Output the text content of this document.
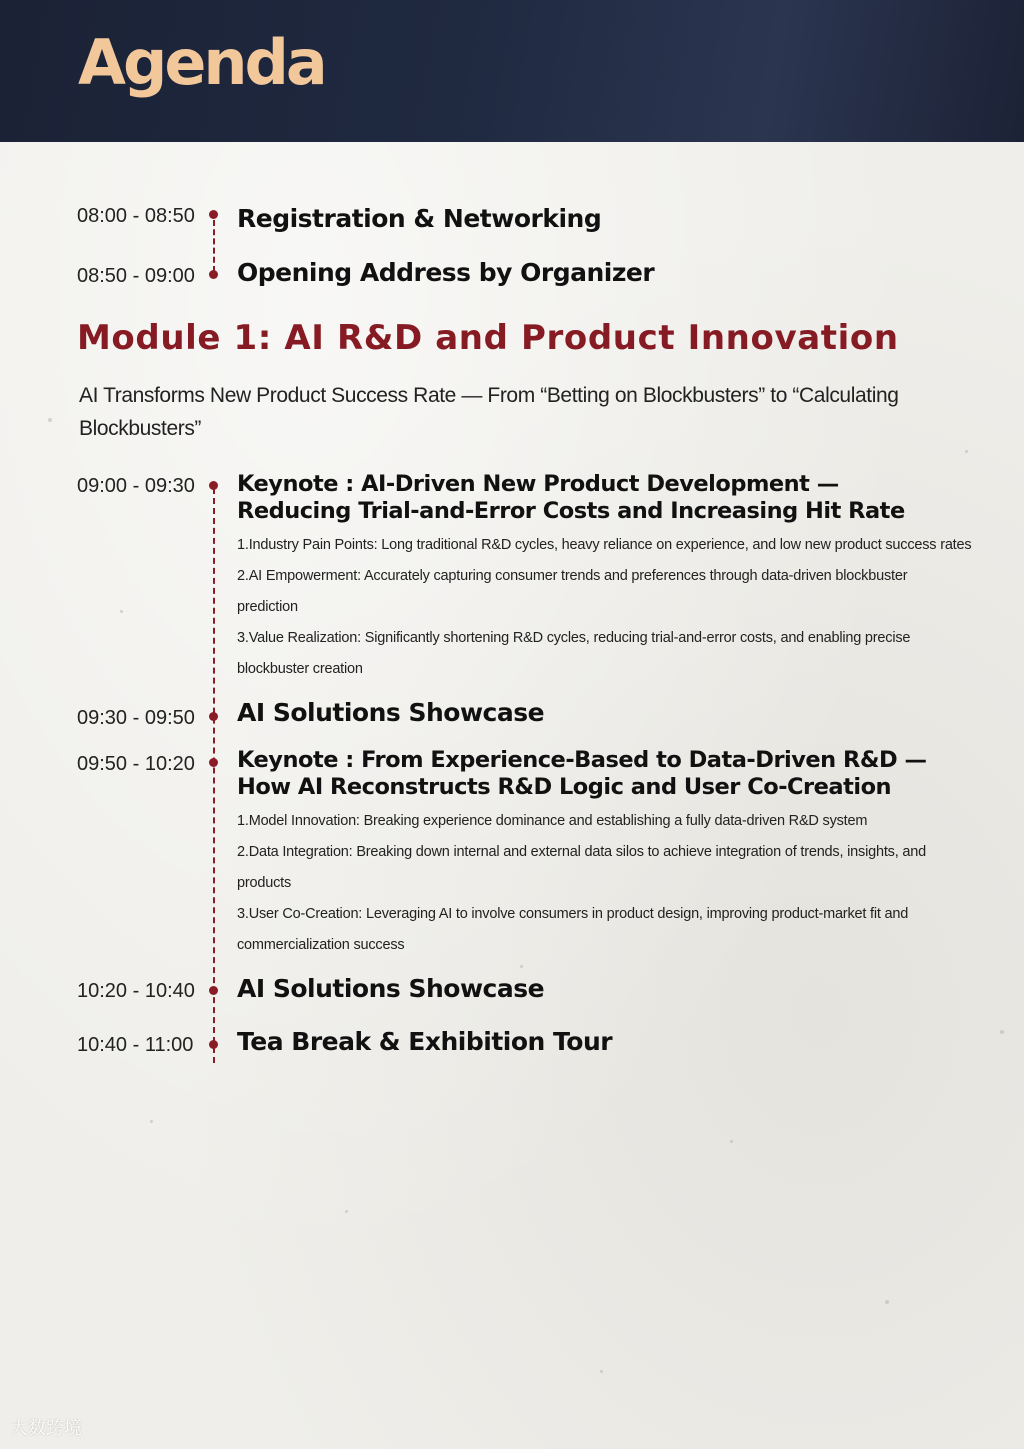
Agenda
08:00 - 08:50 Registration & Networking
08:50 - 09:00 Opening Address by Organizer
Module 1: AI R&D and Product Innovation
AI Transforms New Product Success Rate — From “Betting on Blockbusters” to “Calculating Blockbusters”
09:00 - 09:30 Keynote : AI-Driven New Product Development — Reducing Trial-and-Error Costs and Increasing Hit Rate
1.Industry Pain Points: Long traditional R&D cycles, heavy reliance on experience, and low new product success rates
2.AI Empowerment: Accurately capturing consumer trends and preferences through data-driven blockbuster prediction
3.Value Realization: Significantly shortening R&D cycles, reducing trial-and-error costs, and enabling precise blockbuster creation
09:30 - 09:50 AI Solutions Showcase
09:50 - 10:20 Keynote : From Experience-Based to Data-Driven R&D — How AI Reconstructs R&D Logic and User Co-Creation
1.Model Innovation: Breaking experience dominance and establishing a fully data-driven R&D system
2.Data Integration: Breaking down internal and external data silos to achieve integration of trends, insights, and products
3.User Co-Creation: Leveraging AI to involve consumers in product design, improving product-market fit and commercialization success
10:20 - 10:40 AI Solutions Showcase
10:40 - 11:00 Tea Break & Exhibition Tour
大数跨境
